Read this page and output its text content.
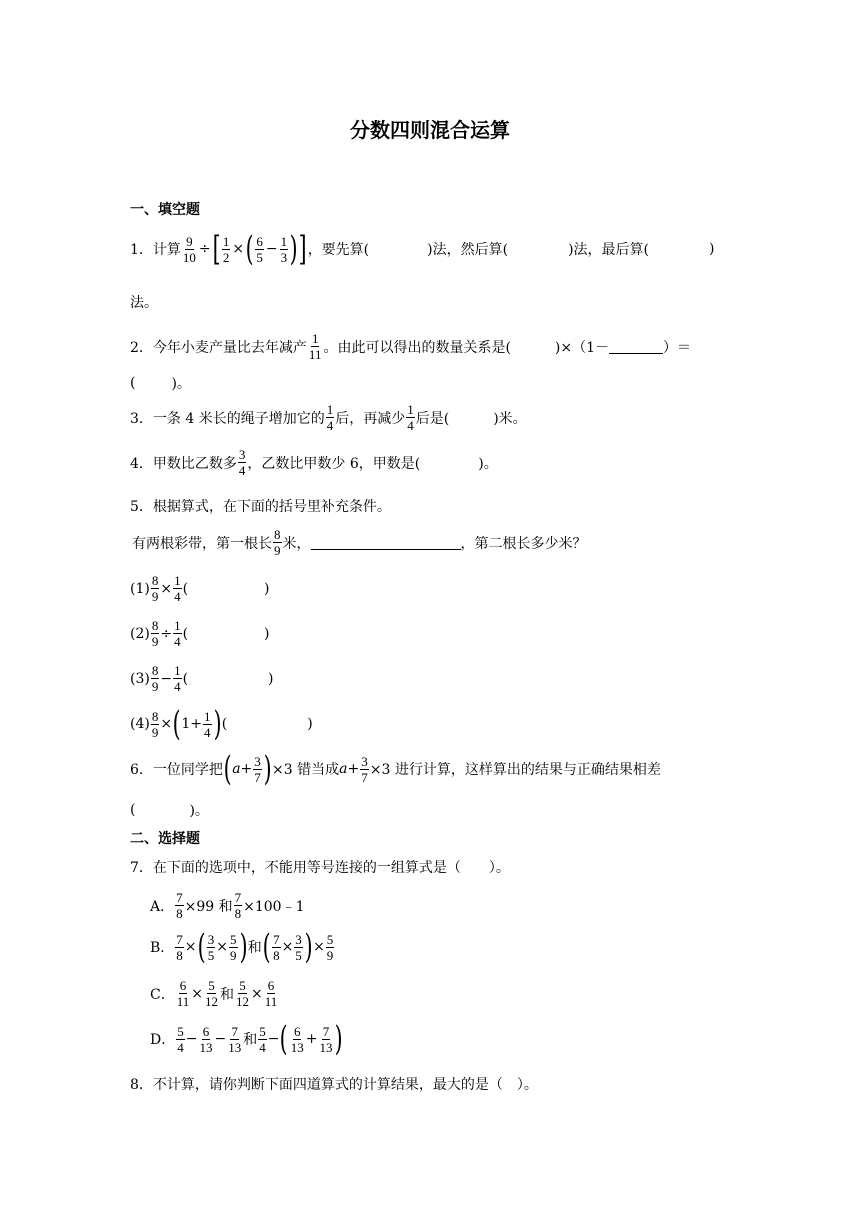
分数四则混合运算
一、填空题
1．计算 $\frac{9}{10}$ ÷ [ $\frac{1}{2}$ × ( $\frac{6}{5} - \frac{1}{3}$ ) ] ，要先算(	)法，然后算(	)法，最后算(	)
法。
2．今年小麦产量比去年减产 $\frac{1}{11}$ 。由此可以得出的数量关系是(	)×（1－	）＝
(	)。
3．一条 4 米长的绳子增加它的 $\frac{1}{4}$ 后，再减少 $\frac{1}{4}$ 后是(	)米。
4．甲数比乙数多 $\frac{3}{4}$ ，乙数比甲数少 6，甲数是(	)。
5．根据算式，在下面的括号里补充条件。
有两根彩带，第一根长 $\frac{8}{9}$ 米，	，第二根长多少米？
$(1) \frac{8}{9} \times \frac{1}{4}$ (	)
$(2) \frac{8}{9} \div \frac{1}{4}$ (	)
$(3) \frac{8}{9} - \frac{1}{4}$ (	)
$(4) \frac{8}{9}$ × ( $1 + \frac{1}{4}$ ) (	)
6．一位同学把 ( $a + \frac{3}{7}$ ) ×3 错当成 $a + \frac{3}{7} \times 3$ 进行计算，这样算出的结果与正确结果相差
(	)。
二、选择题
7．在下面的选项中，不能用等号连接的一组算式是（　　）。
A． $\frac{7}{8} \times 99$ 和 $\frac{7}{8}$ ×100﹣1
B． $\frac{7}{8}$ × ( $\frac{3}{5} \times \frac{5}{9}$ ) 和 ( $\frac{7}{8} \times \frac{3}{5}$ ) × $\frac{5}{9}$
C． $\frac{6}{11} \times \frac{5}{12}$ 和 $\frac{5}{12} \times \frac{6}{11}$
D． $\frac{5}{4} - \frac{6}{13} - \frac{7}{13}$ 和 $\frac{5}{4}$ − ( $\frac{6}{13} + \frac{7}{13}$ )
8．不计算，请你判断下面四道算式的计算结果，最大的是（　）。
